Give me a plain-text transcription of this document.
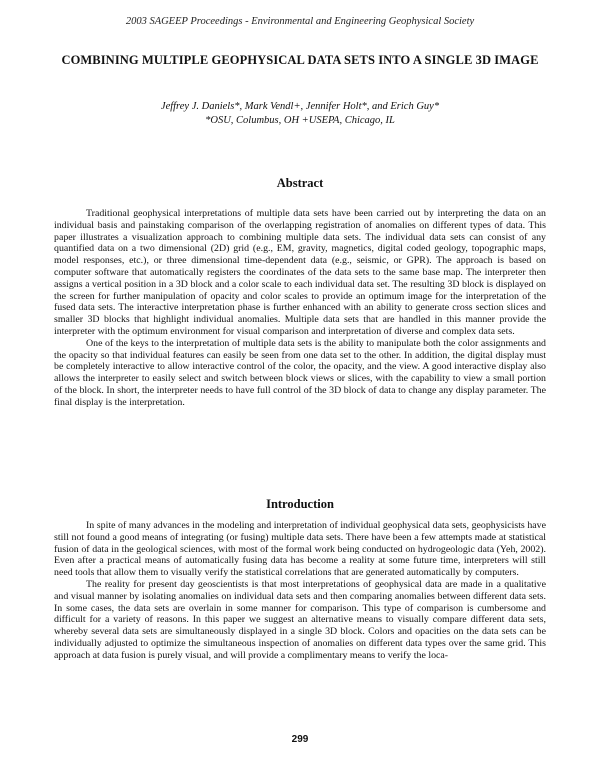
2003 SAGEEP Proceedings - Environmental and Engineering Geophysical Society
COMBINING MULTIPLE GEOPHYSICAL DATA SETS INTO A SINGLE 3D IMAGE
Jeffrey J. Daniels*, Mark Vendl+, Jennifer Holt*, and Erich Guy*
*OSU, Columbus, OH +USEPA, Chicago, IL
Abstract

Traditional geophysical interpretations of multiple data sets have been carried out by interpreting the data on an individual basis and painstaking comparison of the overlapping registration of anomalies on different types of data. This paper illustrates a visualization approach to combining multiple data sets. The individual data sets can consist of any quantified data on a two dimensional (2D) grid (e.g., EM, gravity, magnetics, digital coded geology, topographic maps, model responses, etc.), or three dimensional time-dependent data (e.g., seismic, or GPR). The approach is based on computer software that automatically registers the coordinates of the data sets to the same base map. The interpreter then assigns a vertical position in a 3D block and a color scale to each individual data set. The resulting 3D block is displayed on the screen for further manipulation of opacity and color scales to provide an optimum image for the interpretation of the fused data sets. The interactive interpretation phase is further enhanced with an ability to generate cross section slices and smaller 3D blocks that highlight individual anomalies. Multiple data sets that are handled in this manner provide the interpreter with the optimum environment for visual comparison and interpretation of diverse and complex data sets.

One of the keys to the interpretation of multiple data sets is the ability to manipulate both the color assignments and the opacity so that individual features can easily be seen from one data set to the other. In addition, the digital display must be completely interactive to allow interactive control of the color, the opacity, and the view. A good interactive display also allows the interpreter to easily select and switch between block views or slices, with the capability to view a small portion of the block. In short, the interpreter needs to have full control of the 3D block of data to change any display parameter. The final display is the interpretation.

Introduction

In spite of many advances in the modeling and interpretation of individual geophysical data sets, geophysicists have still not found a good means of integrating (or fusing) multiple data sets. There have been a few attempts made at statistical fusion of data in the geological sciences, with most of the formal work being conducted on hydrogeologic data (Yeh, 2002). Even after a practical means of automatically fusing data has become a reality at some future time, interpreters will still need tools that allow them to visually verify the statistical correlations that are generated automatically by computers.

The reality for present day geoscientists is that most interpretations of geophysical data are made in a qualitative and visual manner by isolating anomalies on individual data sets and then comparing anomalies between different data sets. In some cases, the data sets are overlain in some manner for comparison. This type of comparison is cumbersome and difficult for a variety of reasons. In this paper we suggest an alternative means to visually compare different data sets, whereby several data sets are simultaneously displayed in a single 3D block. Colors and opacities on the data sets can be individually adjusted to optimize the simultaneous inspection of anomalies on different data types over the same grid. This approach at data fusion is purely visual, and will provide a complimentary means to verify the loca-

299
